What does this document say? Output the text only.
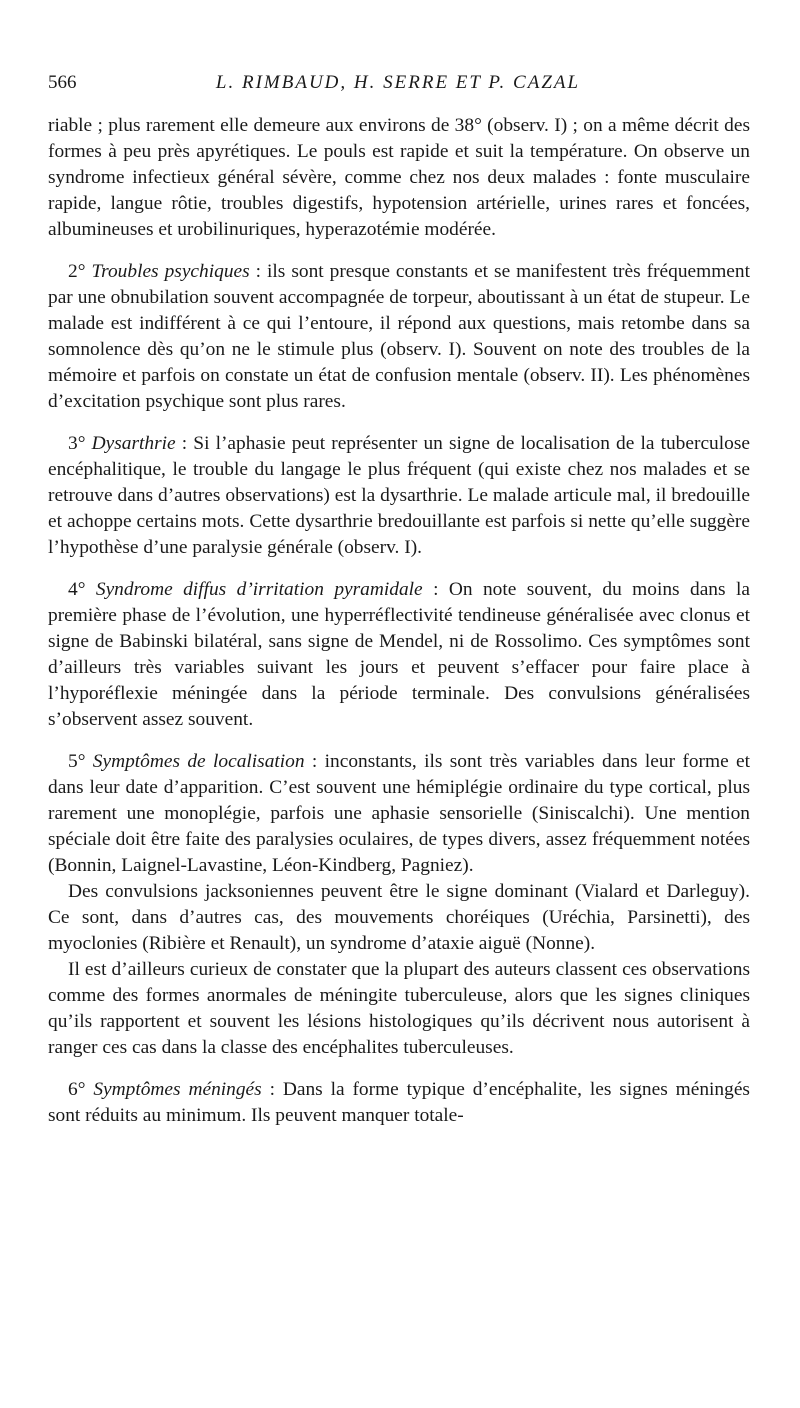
566	L. RIMBAUD, H. SERRE ET P. CAZAL

riable ; plus rarement elle demeure aux environs de 38° (observ. I) ; on a même décrit des formes à peu près apyrétiques. Le pouls est rapide et suit la température. On observe un syndrome infectieux général sévère, comme chez nos deux malades : fonte musculaire rapide, langue rôtie, troubles digestifs, hypotension artérielle, urines rares et foncées, albumineuses et urobilinuriques, hyperazotémie modérée.

2° Troubles psychiques : ils sont presque constants et se manifestent très fréquemment par une obnubilation souvent accompagnée de torpeur, aboutissant à un état de stupeur. Le malade est indifférent à ce qui l’entoure, il répond aux questions, mais retombe dans sa somnolence dès qu’on ne le stimule plus (observ. I). Souvent on note des troubles de la mémoire et parfois on constate un état de confusion mentale (observ. II). Les phénomènes d’excitation psychique sont plus rares.

3° Dysarthrie : Si l’aphasie peut représenter un signe de localisation de la tuberculose encéphalitique, le trouble du langage le plus fréquent (qui existe chez nos malades et se retrouve dans d’autres observations) est la dysarthrie. Le malade articule mal, il bredouille et achoppe certains mots. Cette dysarthrie bredouillante est parfois si nette qu’elle suggère l’hypothèse d’une paralysie générale (observ. I).

4° Syndrome diffus d’irritation pyramidale : On note souvent, du moins dans la première phase de l’évolution, une hyperréflectivité tendineuse généralisée avec clonus et signe de Babinski bilatéral, sans signe de Mendel, ni de Rossolimo. Ces symptômes sont d’ailleurs très variables suivant les jours et peuvent s’effacer pour faire place à l’hyporéflexie méningée dans la période terminale. Des convulsions généralisées s’observent assez souvent.

5° Symptômes de localisation : inconstants, ils sont très variables dans leur forme et dans leur date d’apparition. C’est souvent une hémiplégie ordinaire du type cortical, plus rarement une monoplégie, parfois une aphasie sensorielle (Siniscalchi). Une mention spéciale doit être faite des paralysies oculaires, de types divers, assez fréquemment notées (Bonnin, Laignel-Lavastine, Léon-Kindberg, Pagniez).

Des convulsions jacksoniennes peuvent être le signe dominant (Vialard et Darleguy). Ce sont, dans d’autres cas, des mouvements choréiques (Uréchia, Parsinetti), des myoclonies (Ribière et Renault), un syndrome d’ataxie aiguë (Nonne).

Il est d’ailleurs curieux de constater que la plupart des auteurs classent ces observations comme des formes anormales de méningite tuberculeuse, alors que les signes cliniques qu’ils rapportent et souvent les lésions histologiques qu’ils décrivent nous autorisent à ranger ces cas dans la classe des encéphalites tuberculeuses.

6° Symptômes méningés : Dans la forme typique d’encéphalite, les signes méningés sont réduits au minimum. Ils peuvent manquer totale-
